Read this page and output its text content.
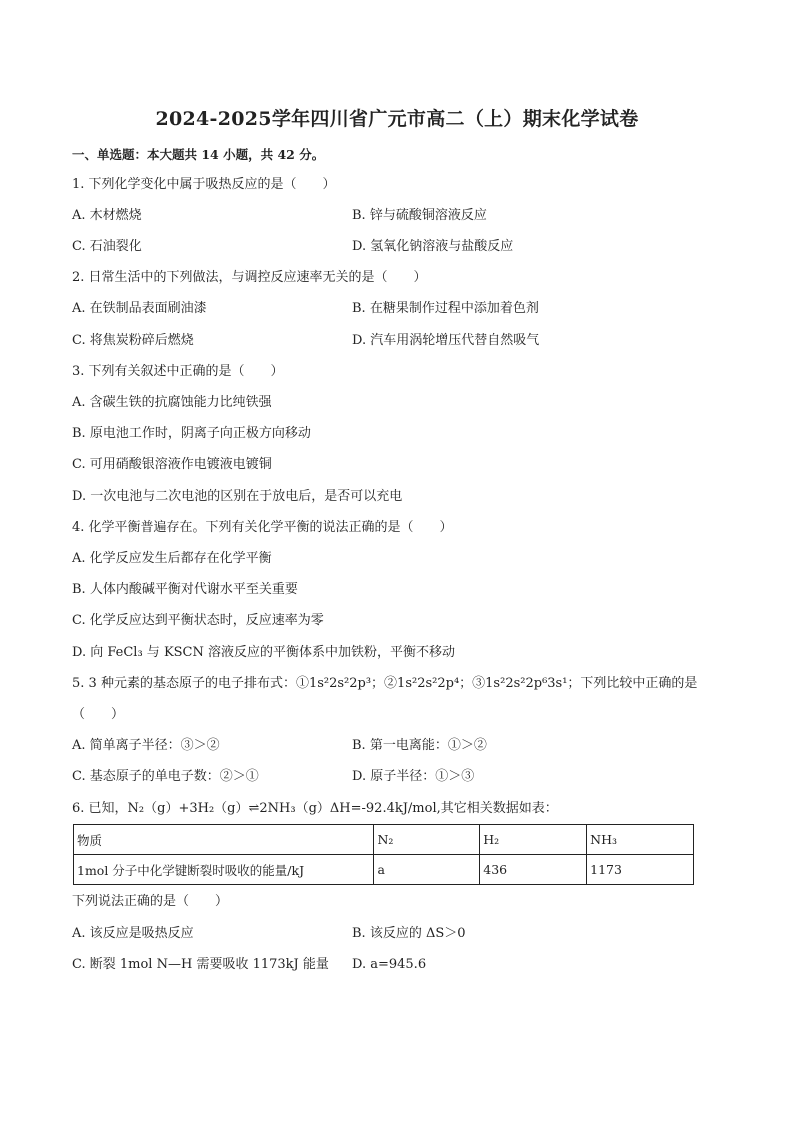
2024-2025学年四川省广元市高二（上）期末化学试卷
一、单选题：本大题共 14 小题，共 42 分。
1. 下列化学变化中属于吸热反应的是（　　）
A. 木材燃烧	B. 锌与硫酸铜溶液反应
C. 石油裂化	D. 氢氧化钠溶液与盐酸反应
2. 日常生活中的下列做法，与调控反应速率无关的是（　　）
A. 在铁制品表面刷油漆	B. 在糖果制作过程中添加着色剂
C. 将焦炭粉碎后燃烧	D. 汽车用涡轮增压代替自然吸气
3. 下列有关叙述中正确的是（　　）
A. 含碳生铁的抗腐蚀能力比纯铁强
B. 原电池工作时，阴离子向正极方向移动
C. 可用硝酸银溶液作电镀液电镀铜
D. 一次电池与二次电池的区别在于放电后，是否可以充电
4. 化学平衡普遍存在。下列有关化学平衡的说法正确的是（　　）
A. 化学反应发生后都存在化学平衡
B. 人体内酸碱平衡对代谢水平至关重要
C. 化学反应达到平衡状态时，反应速率为零
D. 向 FeCl₃ 与 KSCN 溶液反应的平衡体系中加铁粉，平衡不移动
5. 3 种元素的基态原子的电子排布式：①1s²2s²2p³；②1s²2s²2p⁴；③1s²2s²2p⁶3s¹；下列比较中正确的是
（　　）
A. 简单离子半径：③＞②	B. 第一电离能：①＞②
C. 基态原子的单电子数：②＞①	D. 原子半径：①＞③
6. 已知，N₂（g）+3H₂（g）⇌2NH₃（g）ΔH=-92.4kJ/mol,其它相关数据如表：
物质	N₂	H₂	NH₃
1mol 分子中化学键断裂时吸收的能量/kJ	a	436	1173
下列说法正确的是（　　）
A. 该反应是吸热反应	B. 该反应的 ΔS＞0
C. 断裂 1mol N—H 需要吸收 1173kJ 能量 D. a=945.6
